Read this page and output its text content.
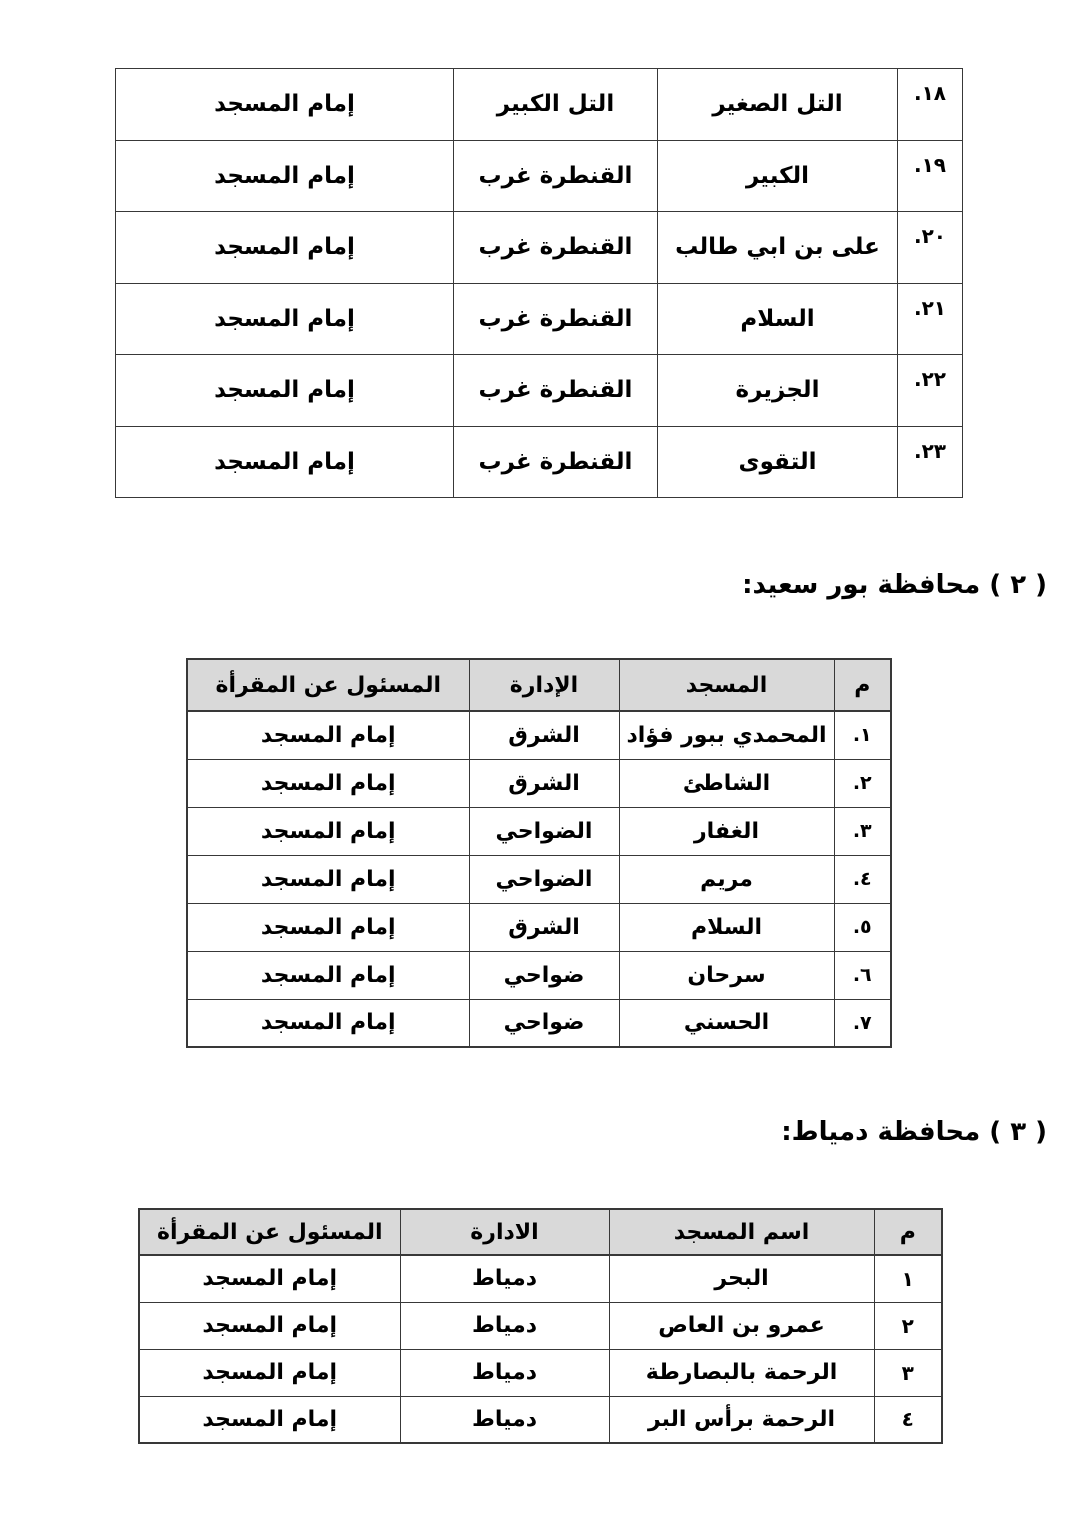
١٨.	التل الصغير	التل الكبير	إمام المسجد
١٩.	الكبير	القنطرة غرب	إمام المسجد
٢٠.	على بن ابي طالب	القنطرة غرب	إمام المسجد
٢١.	السلام	القنطرة غرب	إمام المسجد
٢٢.	الجزيرة	القنطرة غرب	إمام المسجد
٢٣.	التقوى	القنطرة غرب	إمام المسجد
( ٢ ) محافظة بور سعيد:
م	المسجد	الإدارة	المسئول عن المقرأة
١.	المحمدي ببور فؤاد	الشرق	إمام المسجد
٢.	الشاطئ	الشرق	إمام المسجد
٣.	الغفار	الضواحي	إمام المسجد
٤.	مريم	الضواحي	إمام المسجد
٥.	السلام	الشرق	إمام المسجد
٦.	سرحان	ضواحي	إمام المسجد
٧.	الحسني	ضواحي	إمام المسجد
( ٣ ) محافظة دمياط:
م	اسم المسجد	الادارة	المسئول عن المقرأة
١	البحر	دمياط	إمام المسجد
٢	عمرو بن العاص	دمياط	إمام المسجد
٣	الرحمة بالبصارطة	دمياط	إمام المسجد
٤	الرحمة برأس البر	دمياط	إمام المسجد
